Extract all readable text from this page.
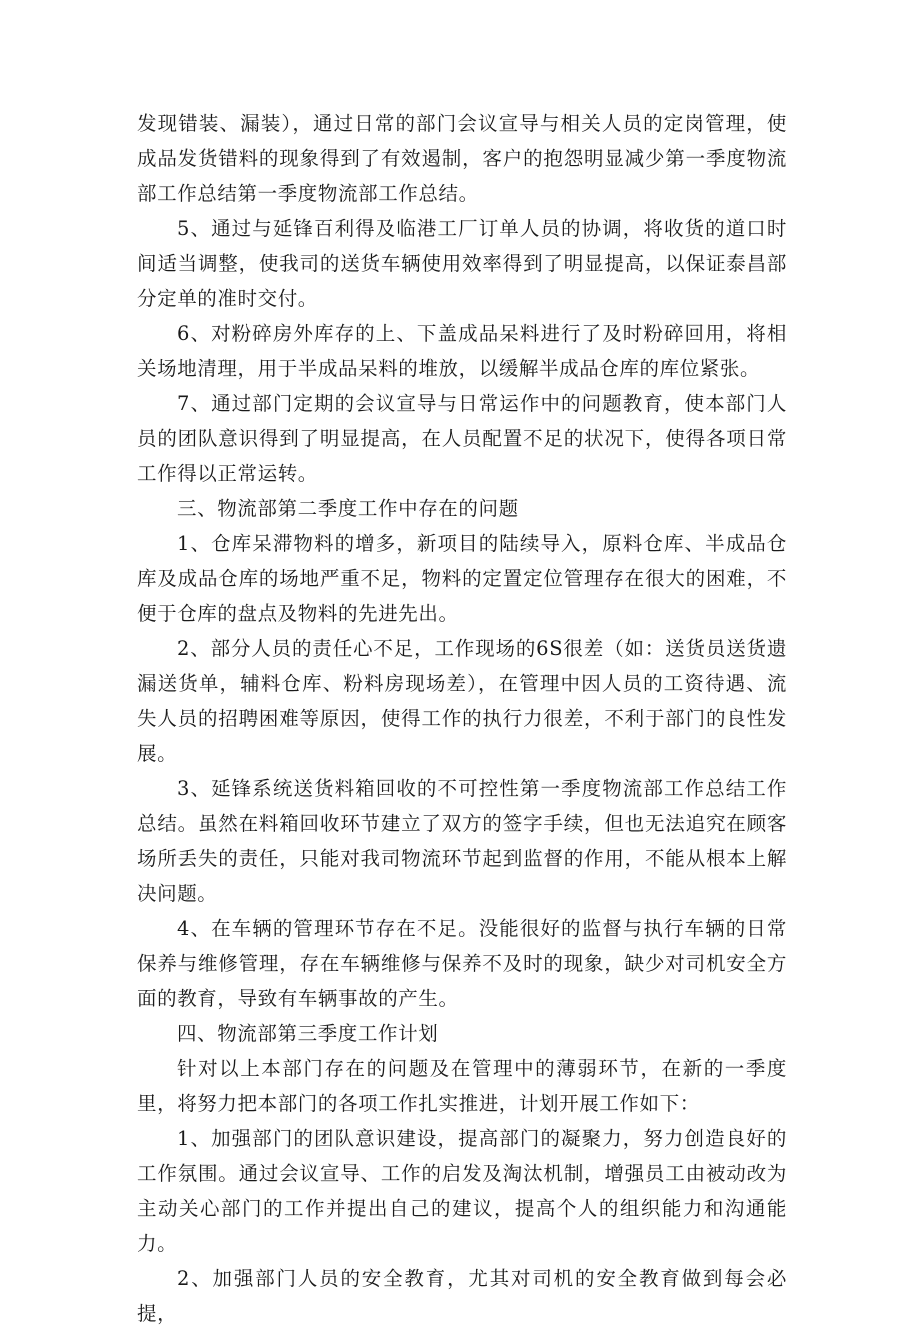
发现错装、漏装），通过日常的部门会议宣导与相关人员的定岗管理，使成品发货错料的现象得到了有效遏制，客户的抱怨明显减少第一季度物流部工作总结第一季度物流部工作总结。

5、通过与延锋百利得及临港工厂订单人员的协调，将收货的道口时间适当调整，使我司的送货车辆使用效率得到了明显提高，以保证泰昌部分定单的准时交付。

6、对粉碎房外库存的上、下盖成品呆料进行了及时粉碎回用，将相关场地清理，用于半成品呆料的堆放，以缓解半成品仓库的库位紧张。

7、通过部门定期的会议宣导与日常运作中的问题教育，使本部门人员的团队意识得到了明显提高，在人员配置不足的状况下，使得各项日常工作得以正常运转。

三、物流部第二季度工作中存在的问题

1、仓库呆滞物料的增多，新项目的陆续导入，原料仓库、半成品仓库及成品仓库的场地严重不足，物料的定置定位管理存在很大的困难，不便于仓库的盘点及物料的先进先出。

2、部分人员的责任心不足，工作现场的6S很差（如：送货员送货遗漏送货单，辅料仓库、粉料房现场差），在管理中因人员的工资待遇、流失人员的招聘困难等原因，使得工作的执行力很差，不利于部门的良性发展。

3、延锋系统送货料箱回收的不可控性第一季度物流部工作总结工作总结。虽然在料箱回收环节建立了双方的签字手续，但也无法追究在顾客场所丢失的责任，只能对我司物流环节起到监督的作用，不能从根本上解决问题。

4、在车辆的管理环节存在不足。没能很好的监督与执行车辆的日常保养与维修管理，存在车辆维修与保养不及时的现象，缺少对司机安全方面的教育，导致有车辆事故的产生。

四、物流部第三季度工作计划

针对以上本部门存在的问题及在管理中的薄弱环节，在新的一季度里，将努力把本部门的各项工作扎实推进，计划开展工作如下：

1、加强部门的团队意识建设，提高部门的凝聚力，努力创造良好的工作氛围。通过会议宣导、工作的启发及淘汰机制，增强员工由被动改为主动关心部门的工作并提出自己的建议，提高个人的组织能力和沟通能力。

2、加强部门人员的安全教育，尤其对司机的安全教育做到每会必提，
